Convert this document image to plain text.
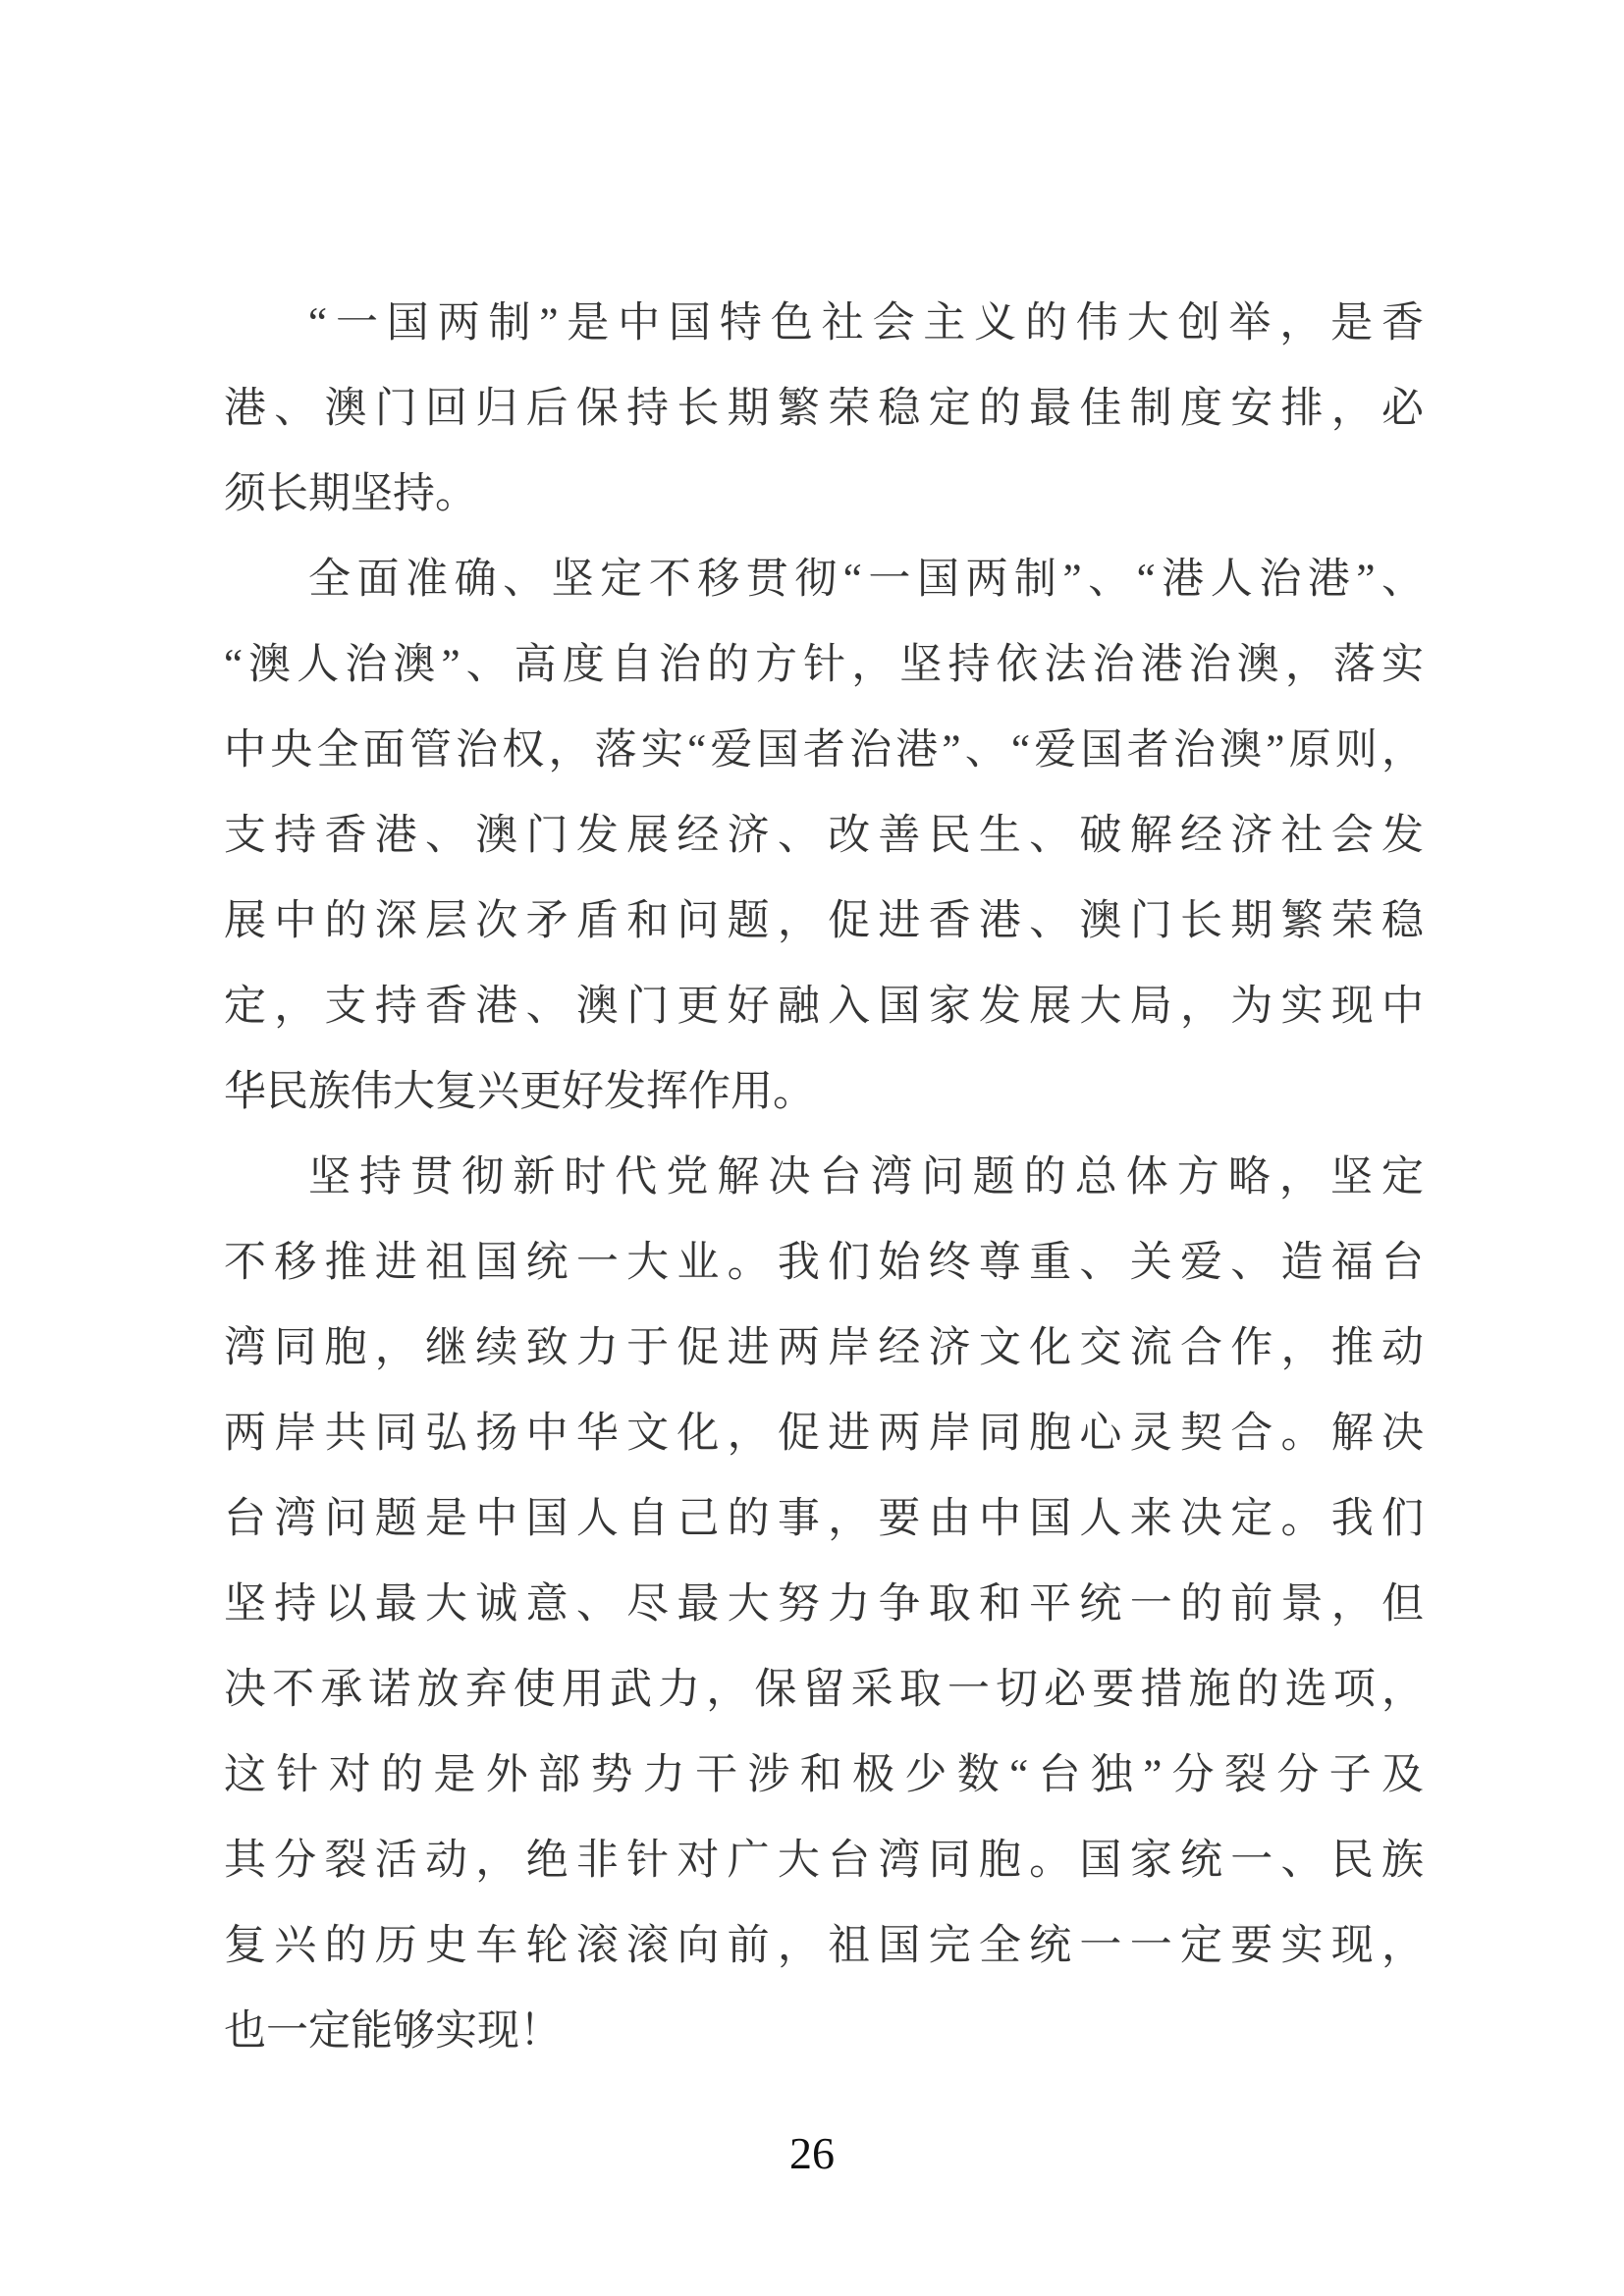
“一国两制”是中国特色社会主义的伟大创举，是香
港、澳门回归后保持长期繁荣稳定的最佳制度安排，必
须长期坚持。
全面准确、坚定不移贯彻“一国两制”、“港人治港”、
“澳人治澳”、高度自治的方针，坚持依法治港治澳，落实
中央全面管治权，落实“爱国者治港”、“爱国者治澳”原则，
支持香港、澳门发展经济、改善民生、破解经济社会发
展中的深层次矛盾和问题，促进香港、澳门长期繁荣稳
定，支持香港、澳门更好融入国家发展大局，为实现中
华民族伟大复兴更好发挥作用。
坚持贯彻新时代党解决台湾问题的总体方略，坚定
不移推进祖国统一大业。我们始终尊重、关爱、造福台
湾同胞，继续致力于促进两岸经济文化交流合作，推动
两岸共同弘扬中华文化，促进两岸同胞心灵契合。解决
台湾问题是中国人自己的事，要由中国人来决定。我们
坚持以最大诚意、尽最大努力争取和平统一的前景，但
决不承诺放弃使用武力，保留采取一切必要措施的选项，
这针对的是外部势力干涉和极少数“台独”分裂分子及
其分裂活动，绝非针对广大台湾同胞。国家统一、民族
复兴的历史车轮滚滚向前，祖国完全统一一定要实现，
也一定能够实现！
26
